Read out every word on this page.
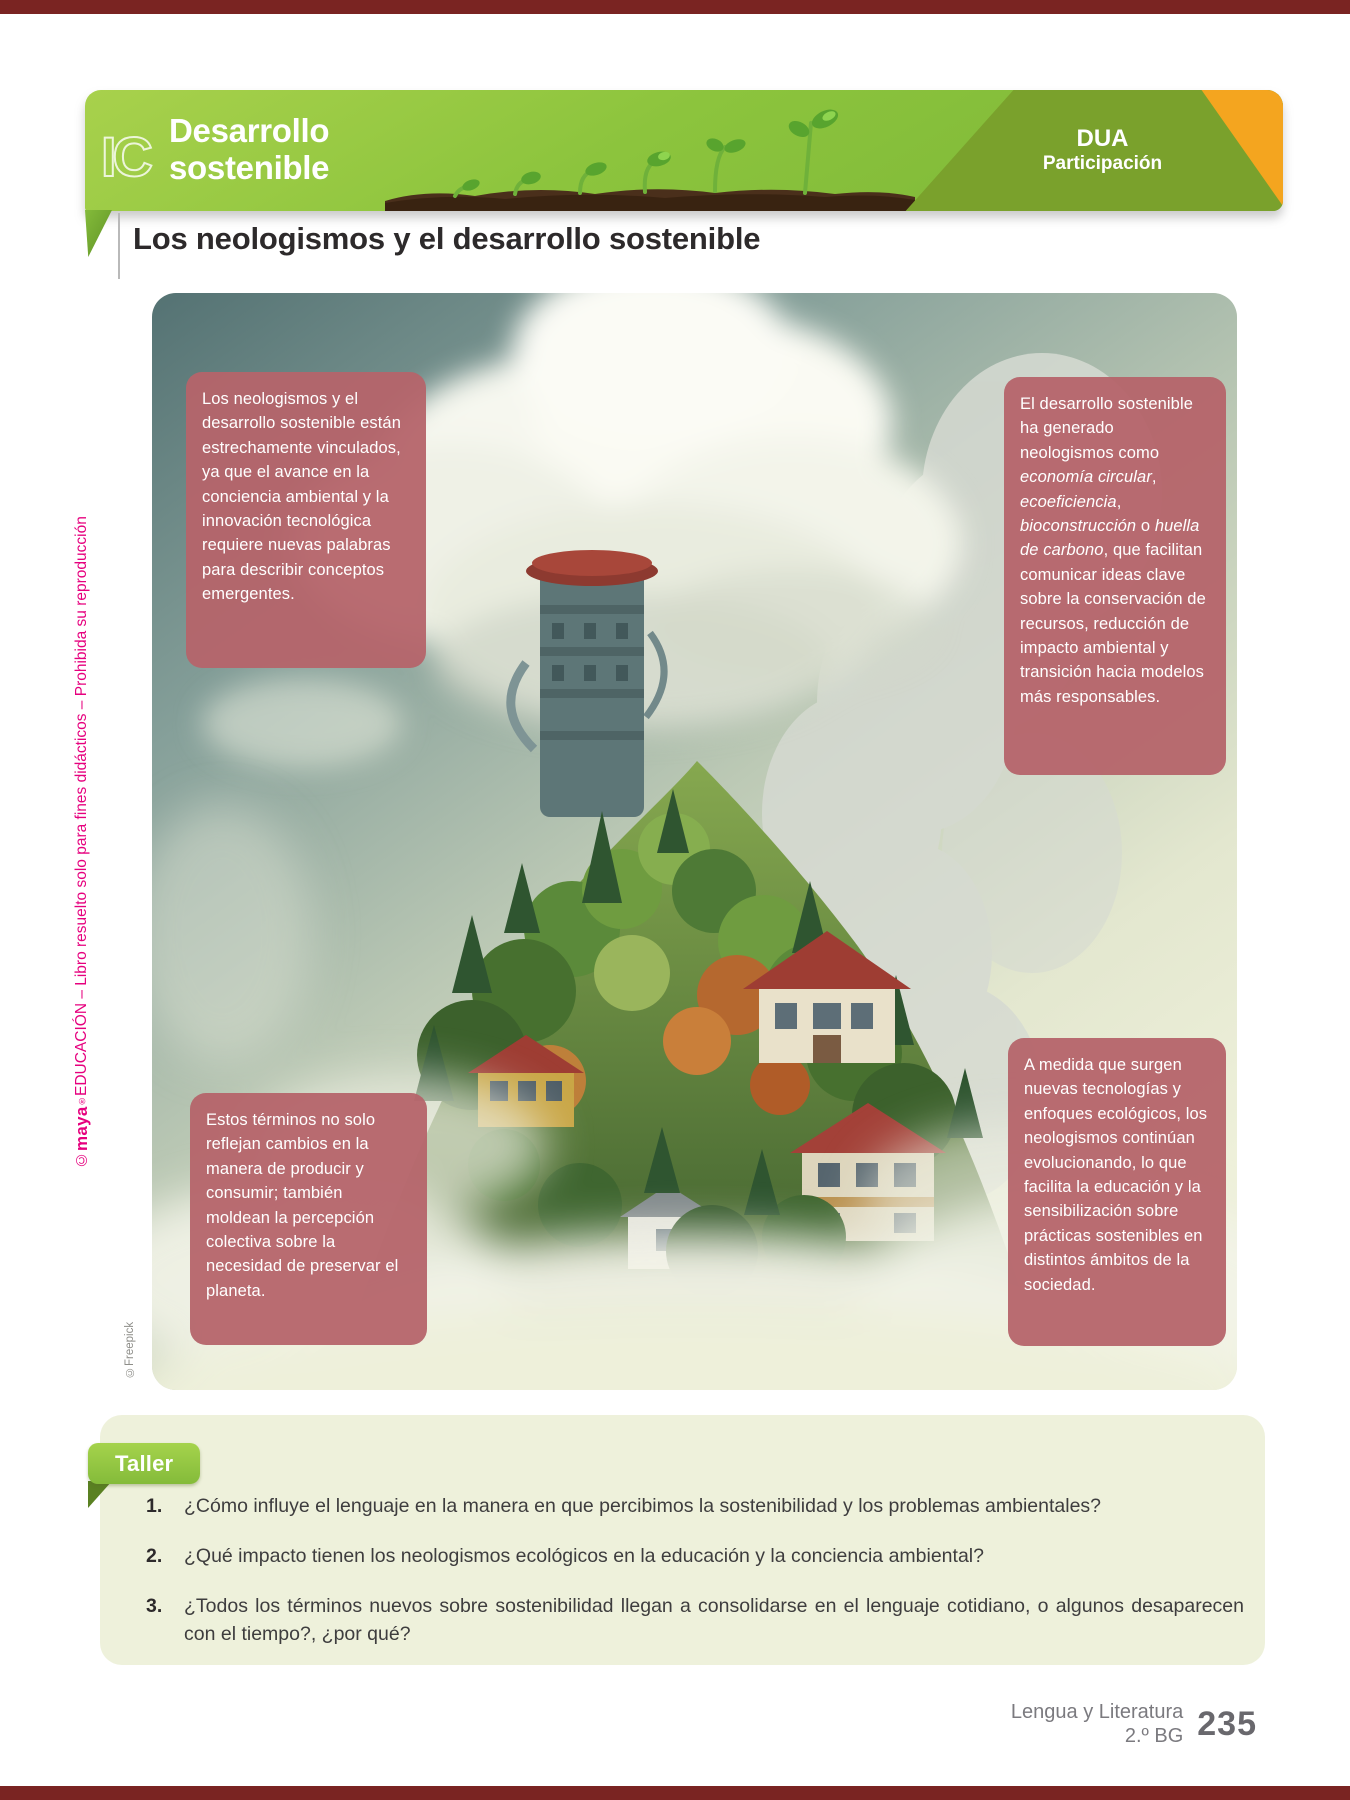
IC Desarrollo
sostenible
DUA
Participación
Los neologismos y el desarrollo sostenible
©
maya
®
EDUCACIÓN – Libro resuelto solo para fines didácticos – Prohibida su reproducción
Los neologismos y el desarrollo sostenible están estrechamente vinculados, ya que el avance en la conciencia ambiental y la innovación tecnológica requiere nuevas palabras para describir conceptos emergentes.
El desarrollo sostenible ha generado neologismos como economía circular, ecoeficiencia, bioconstrucción o huella de carbono, que facilitan comunicar ideas clave sobre la conservación de recursos, reducción de impacto ambiental y transición hacia modelos más responsables.
Estos términos no solo reflejan cambios en la manera de producir y consumir; también moldean la percepción colectiva sobre la necesidad de preservar el planeta.
A medida que surgen nuevas tecnologías y enfoques ecológicos, los neologismos continúan evolucionando, lo que facilita la educación y la sensibilización sobre prácticas sostenibles en distintos ámbitos de la sociedad.
©Freepick
Taller
1.	¿Cómo influye el lenguaje en la manera en que percibimos la sostenibilidad y los problemas ambientales?
2.	¿Qué impacto tienen los neologismos ecológicos en la educación y la conciencia ambiental?
3.	¿Todos los términos nuevos sobre sostenibilidad llegan a consolidarse en el lenguaje cotidiano, o algunos desaparecen con el tiempo?, ¿por qué?
Lengua y Literatura
2.º BG 235
